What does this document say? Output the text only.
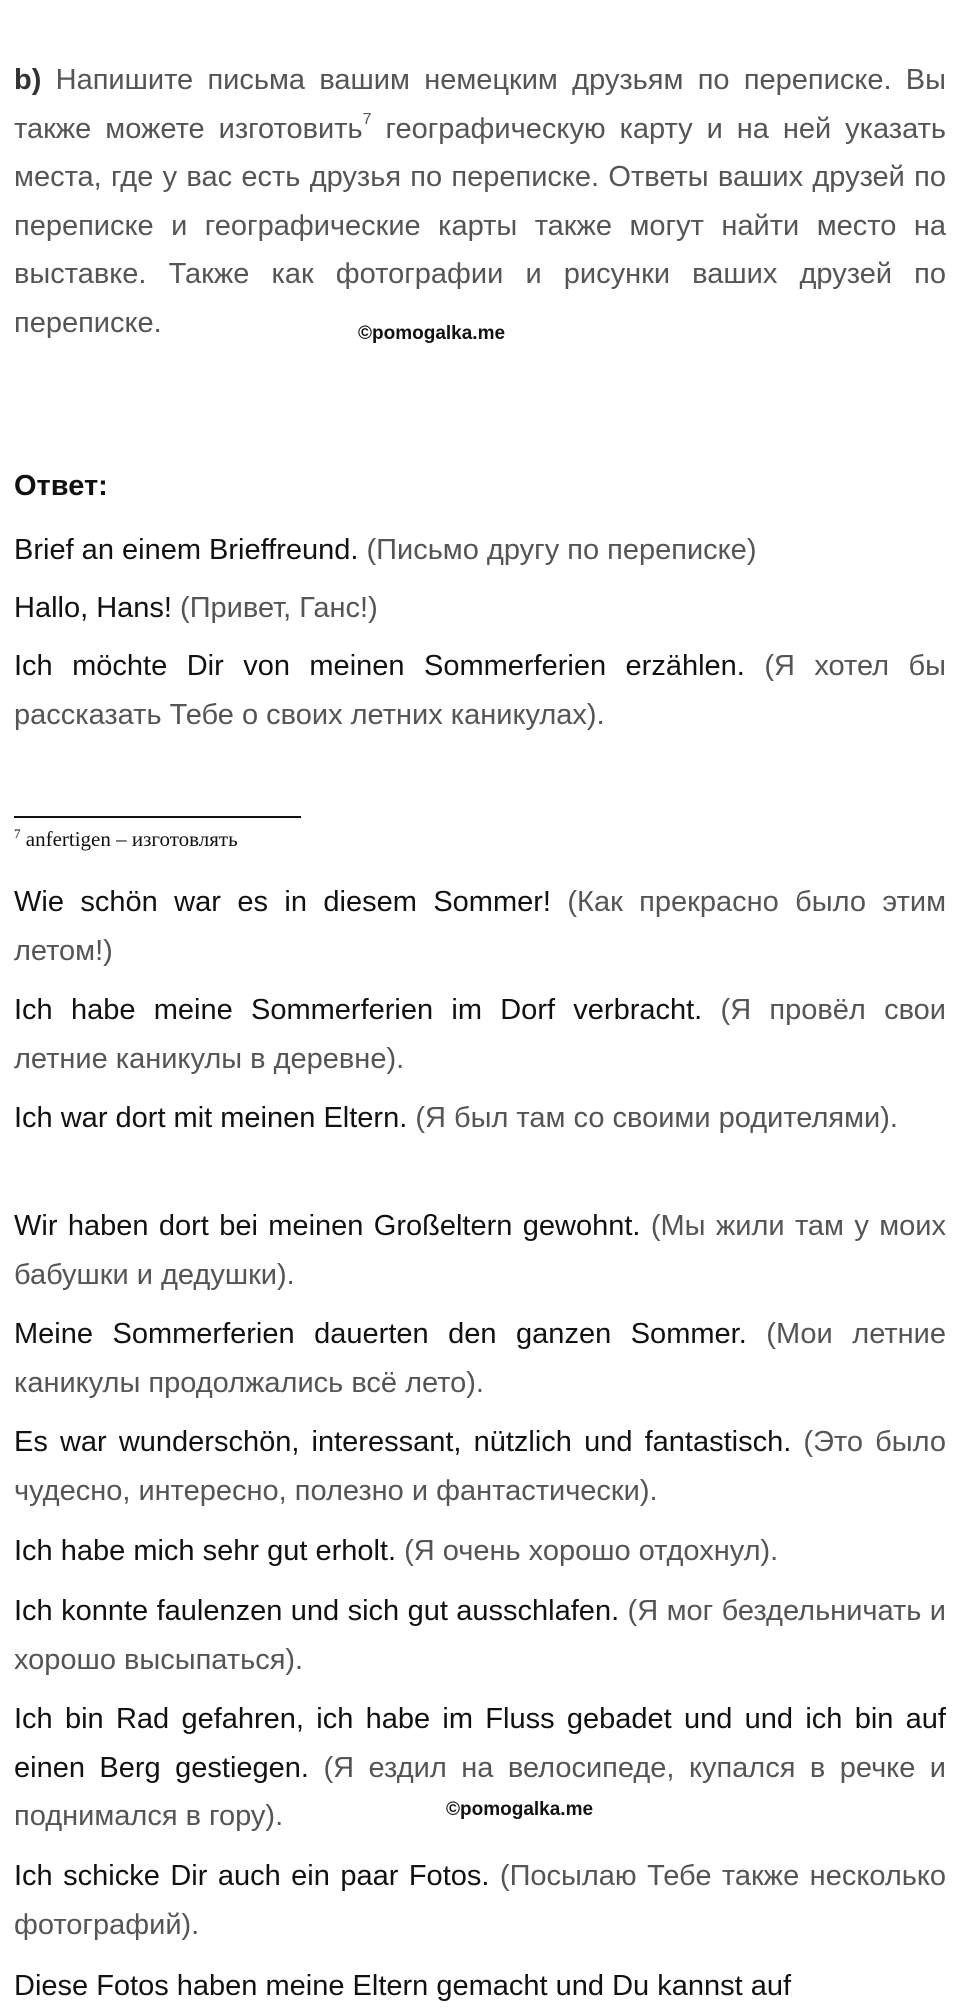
b) Напишите письма вашим немецким друзьям по переписке. Вы также можете изготовить$^7$ географическую карту и на ней указать места, где у вас есть друзья по переписке. Ответы ваших друзей по переписке и географические карты также могут найти место на выставке. Также как фотографии и рисунки ваших друзей по переписке.	©pomogalka.me
Ответ:

Brief an einem Brieffreund. (Письмо другу по переписке)

Hallo, Hans! (Привет, Ганс!)

Ich möchte Dir von meinen Sommerferien erzählen. (Я хотел бы рассказать Тебе о своих летних каникулах).

$^7$ anfertigen – изготовлять

Wie schön war es in diesem Sommer! (Как прекрасно было этим летом!)

Ich habe meine Sommerferien im Dorf verbracht. (Я провёл свои летние каникулы в деревне).

Ich war dort mit meinen Eltern. (Я был там со своими родителями).

Wir haben dort bei meinen Großeltern gewohnt. (Мы жили там у моих бабушки и дедушки).

Meine Sommerferien dauerten den ganzen Sommer. (Мои летние каникулы продолжались всё лето).

Es war wunderschön, interessant, nützlich und fantastisch. (Это было чудесно, интересно, полезно и фантастически).

Ich habe mich sehr gut erholt. (Я очень хорошо отдохнул).

Ich konnte faulenzen und sich gut ausschlafen. (Я мог бездельничать и хорошо высыпаться).

Ich bin Rad gefahren, ich habe im Fluss gebadet und und ich bin auf einen Berg gestiegen. (Я ездил на велосипеде, купался в речке и поднимался в гору).	©pomogalka.me

Ich schicke Dir auch ein paar Fotos. (Посылаю Тебе также несколько фотографий).

Diese Fotos haben meine Eltern gemacht und Du kannst auf
